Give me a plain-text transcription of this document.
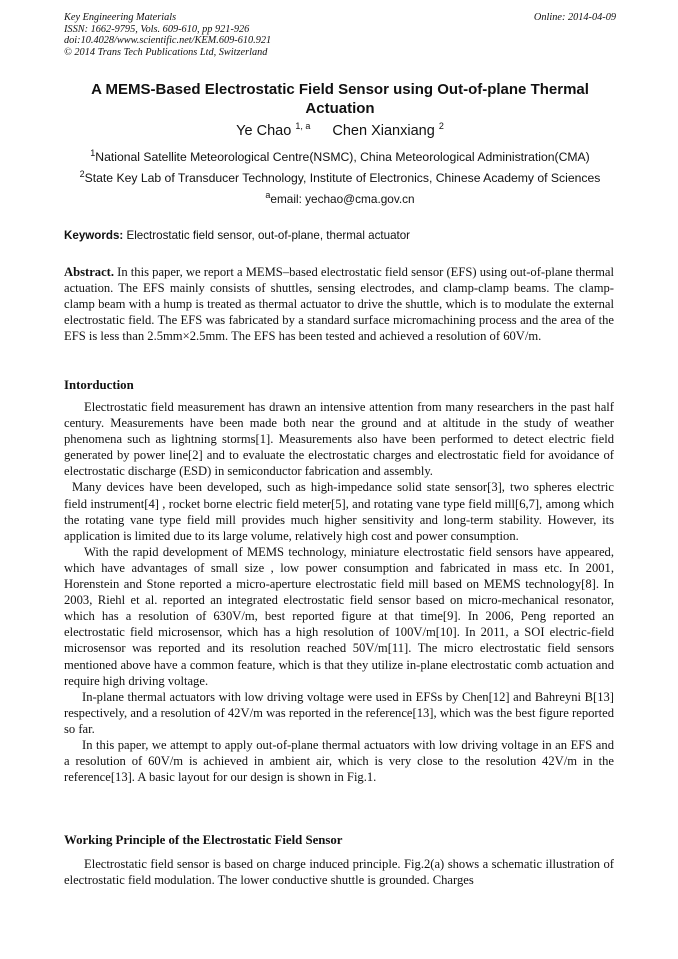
Key Engineering Materials
ISSN: 1662-9795, Vols. 609-610, pp 921-926
doi:10.4028/www.scientific.net/KEM.609-610.921
© 2014 Trans Tech Publications Ltd, Switzerland
Online: 2014-04-09
A MEMS-Based Electrostatic Field Sensor using Out-of-plane Thermal Actuation
Ye Chao $^{1, a}$ Chen Xianxiang $^2$
$^1$National Satellite Meteorological Centre(NSMC), China Meteorological Administration(CMA)
$^2$State Key Lab of Transducer Technology, Institute of Electronics, Chinese Academy of Sciences
$^a$email: yechao@cma.gov.cn
Keywords: Electrostatic field sensor, out-of-plane, thermal actuator

Abstract. In this paper, we report a MEMS–based electrostatic field sensor (EFS) using out-of-plane thermal actuation. The EFS mainly consists of shuttles, sensing electrodes, and clamp-clamp beams. The clamp-clamp beam with a hump is treated as thermal actuator to drive the shuttle, which is to modulate the external electrostatic field. The EFS was fabricated by a standard surface micromachining process and the area of the EFS is less than 2.5mm×2.5mm. The EFS has been tested and achieved a resolution of 60V/m.

Intorduction

Electrostatic field measurement has drawn an intensive attention from many researchers in the past half century. Measurements have been made both near the ground and at altitude in the study of weather phenomena such as lightning storms[1]. Measurements also have been performed to detect electric field generated by power line[2] and to evaluate the electrostatic charges and electrostatic field for avoidance of electrostatic discharge (ESD) in semiconductor fabrication and assembly.

Many devices have been developed, such as high-impedance solid state sensor[3], two spheres electric field instrument[4] , rocket borne electric field meter[5], and rotating vane type field mill[6,7], among which the rotating vane type field mill provides much higher sensitivity and long-term stability. However, its application is limited due to its large volume, relatively high cost and power consumption.

With the rapid development of MEMS technology, miniature electrostatic field sensors have appeared, which have advantages of small size , low power consumption and fabricated in mass etc. In 2001, Horenstein and Stone reported a micro-aperture electrostatic field mill based on MEMS technology[8]. In 2003, Riehl et al. reported an integrated electrostatic field sensor based on micro-mechanical resonator, which has a resolution of 630V/m, best reported figure at that time[9]. In 2006, Peng reported an electrostatic field microsensor, which has a high resolution of 100V/m[10]. In 2011, a SOI electric-field microsensor was reported and its resolution reached 50V/m[11]. The micro electrostatic field sensors mentioned above have a common feature, which is that they utilize in-plane electrostatic comb actuation and require high driving voltage.

In-plane thermal actuators with low driving voltage were used in EFSs by Chen[12] and Bahreyni B[13] respectively, and a resolution of 42V/m was reported in the reference[13], which was the best figure reported so far.

In this paper, we attempt to apply out-of-plane thermal actuators with low driving voltage in an EFS and a resolution of 60V/m is achieved in ambient air, which is very close to the resolution 42V/m in the reference[13]. A basic layout for our design is shown in Fig.1.

Working Principle of the Electrostatic Field Sensor

Electrostatic field sensor is based on charge induced principle. Fig.2(a) shows a schematic illustration of electrostatic field modulation. The lower conductive shuttle is grounded. Charges
